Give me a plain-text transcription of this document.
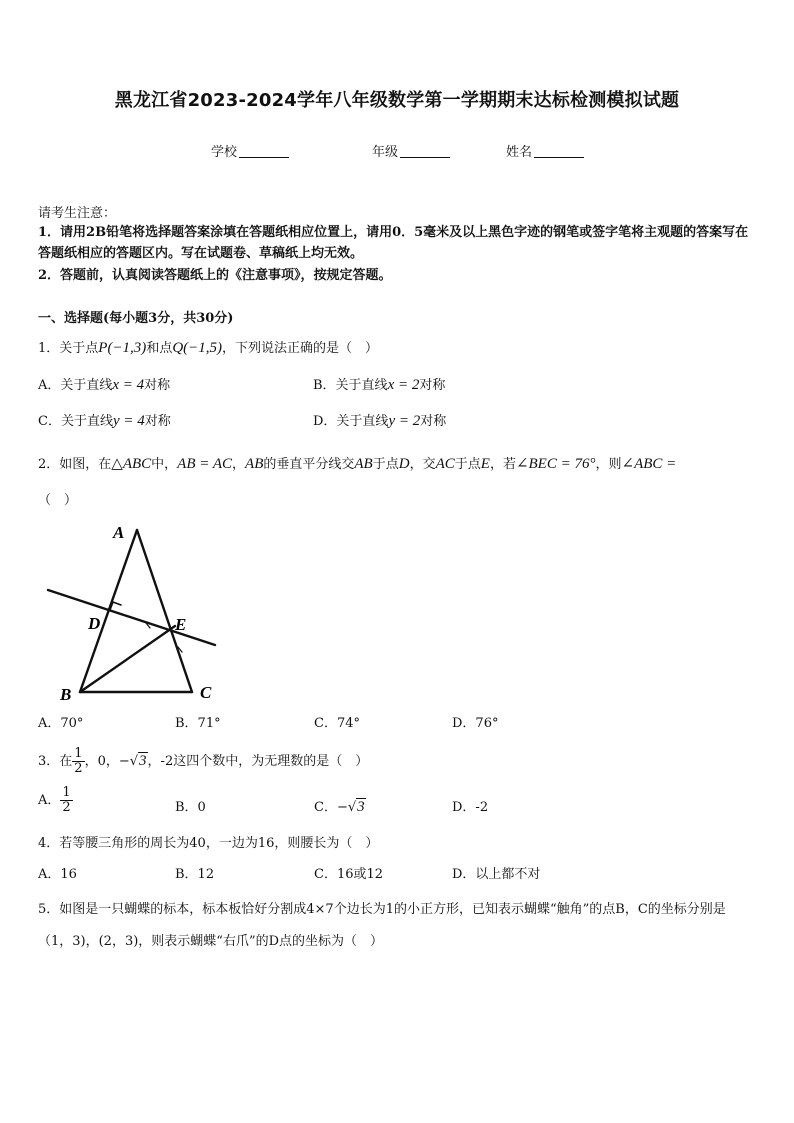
黑龙江省2023-2024学年八年级数学第一学期期末达标检测模拟试题
学校	年级	姓名
请考生注意：
1．请用2B铅笔将选择题答案涂填在答题纸相应位置上，请用0．5毫米及以上黑色字迹的钢笔或签字笔将主观题的答案写在答题纸相应的答题区内。写在试题卷、草稿纸上均无效。
2．答题前，认真阅读答题纸上的《注意事项》，按规定答题。
一、选择题(每小题3分，共30分)
1．关于点P(−1,3)和点Q(−1,5)，下列说法正确的是（　）
A．关于直线x = 4对称	B．关于直线x = 2对称
C．关于直线y = 4对称	D．关于直线y = 2对称
2．如图，在△ABC中，AB = AC，AB的垂直平分线交AB于点D，交AC于点E，若∠BEC = 76°，则∠ABC =
（　）
A
D	E
B	C
A．70°	B．71°	C．74°	D．76°
3．在 $\frac{1}{2}$ ，0，−√3，-2这四个数中，为无理数的是（　）
A． $\frac{1}{2}$	B．0	C．−√3	D．-2
4．若等腰三角形的周长为40，一边为16，则腰长为（　）
A．16	B．12	C．16或12	D．以上都不对
5．如图是一只蝴蝶的标本，标本板恰好分割成4×7个边长为1的小正方形，已知表示蝴蝶“触角”的点B，C的坐标分别是（1，3)，(2，3)，则表示蝴蝶“右爪”的D点的坐标为（　）
